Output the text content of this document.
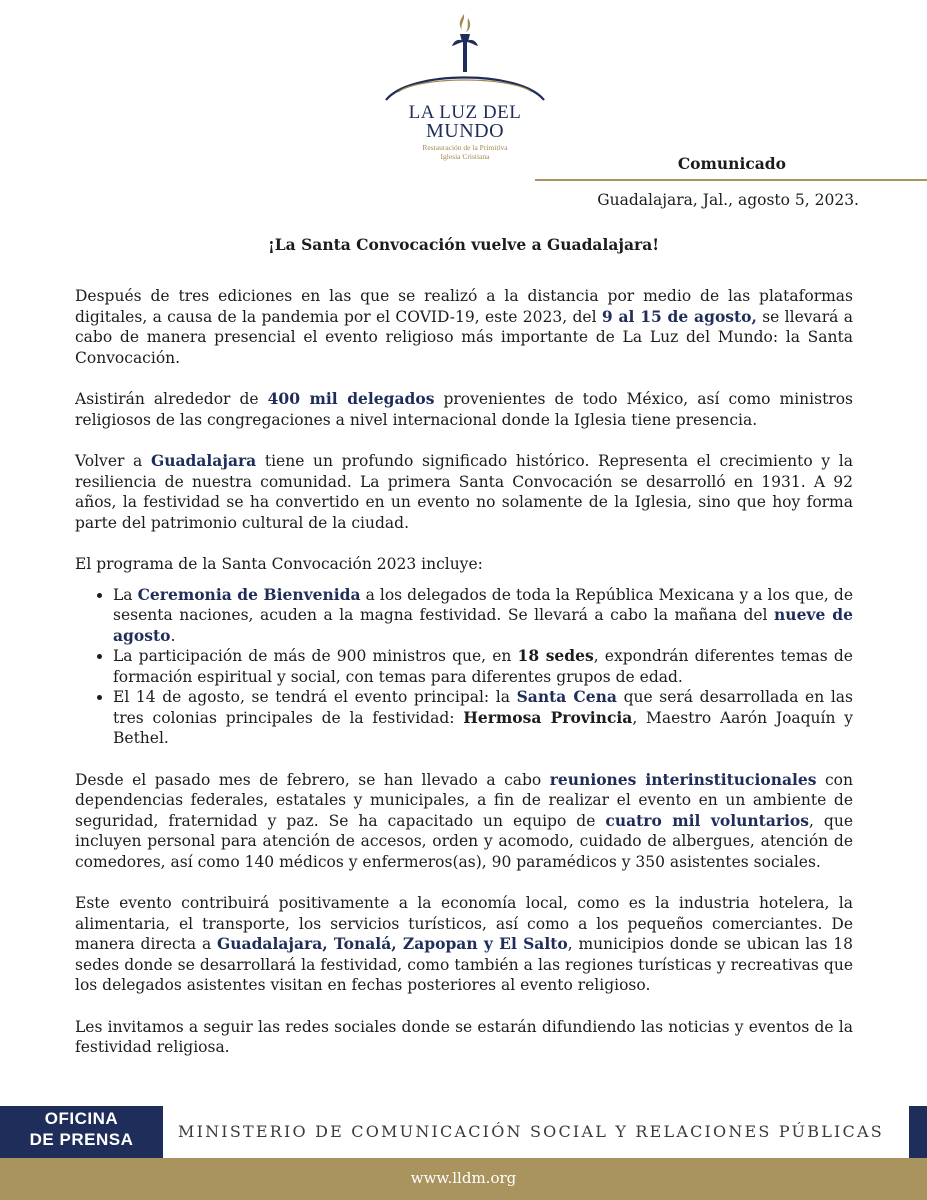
LA LUZ DEL
MUNDO
Restauración de la Primitiva
Iglesia Cristiana	Comunicado
Guadalajara, Jal., agosto 5, 2023.
¡La Santa Convocación vuelve a Guadalajara!

Después de tres ediciones en las que se realizó a la distancia por medio de las plataformas digitales, a causa de la pandemia por el COVID-19, este 2023, del 9 al 15 de agosto, se llevará a cabo de manera presencial el evento religioso más importante de La Luz del Mundo: la Santa Convocación.

Asistirán alrededor de 400 mil delegados provenientes de todo México, así como ministros religiosos de las congregaciones a nivel internacional donde la Iglesia tiene presencia.

Volver a Guadalajara tiene un profundo significado histórico. Representa el crecimiento y la resiliencia de nuestra comunidad. La primera Santa Convocación se desarrolló en 1931. A 92 años, la festividad se ha convertido en un evento no solamente de la Iglesia, sino que hoy forma parte del patrimonio cultural de la ciudad.

El programa de la Santa Convocación 2023 incluye:

• La Ceremonia de Bienvenida a los delegados de toda la República Mexicana y a los que, de sesenta naciones, acuden a la magna festividad. Se llevará a cabo la mañana del nueve de agosto.
• La participación de más de 900 ministros que, en 18 sedes, expondrán diferentes temas de formación espiritual y social, con temas para diferentes grupos de edad.
• El 14 de agosto, se tendrá el evento principal: la Santa Cena que será desarrollada en las tres colonias principales de la festividad: Hermosa Provincia, Maestro Aarón Joaquín y Bethel.

Desde el pasado mes de febrero, se han llevado a cabo reuniones interinstitucionales con dependencias federales, estatales y municipales, a fin de realizar el evento en un ambiente de seguridad, fraternidad y paz. Se ha capacitado un equipo de cuatro mil voluntarios, que incluyen personal para atención de accesos, orden y acomodo, cuidado de albergues, atención de comedores, así como 140 médicos y enfermeros(as), 90 paramédicos y 350 asistentes sociales.

Este evento contribuirá positivamente a la economía local, como es la industria hotelera, la alimentaria, el transporte, los servicios turísticos, así como a los pequeños comerciantes. De manera directa a Guadalajara, Tonalá, Zapopan y El Salto, municipios donde se ubican las 18 sedes donde se desarrollará la festividad, como también a las regiones turísticas y recreativas que los delegados asistentes visitan en fechas posteriores al evento religioso.

Les invitamos a seguir las redes sociales donde se estarán difundiendo las noticias y eventos de la festividad religiosa.

OFICINA
DE PRENSA	MINISTERIO DE COMUNICACIÓN SOCIAL Y RELACIONES PÚBLICAS
www.lldm.org
